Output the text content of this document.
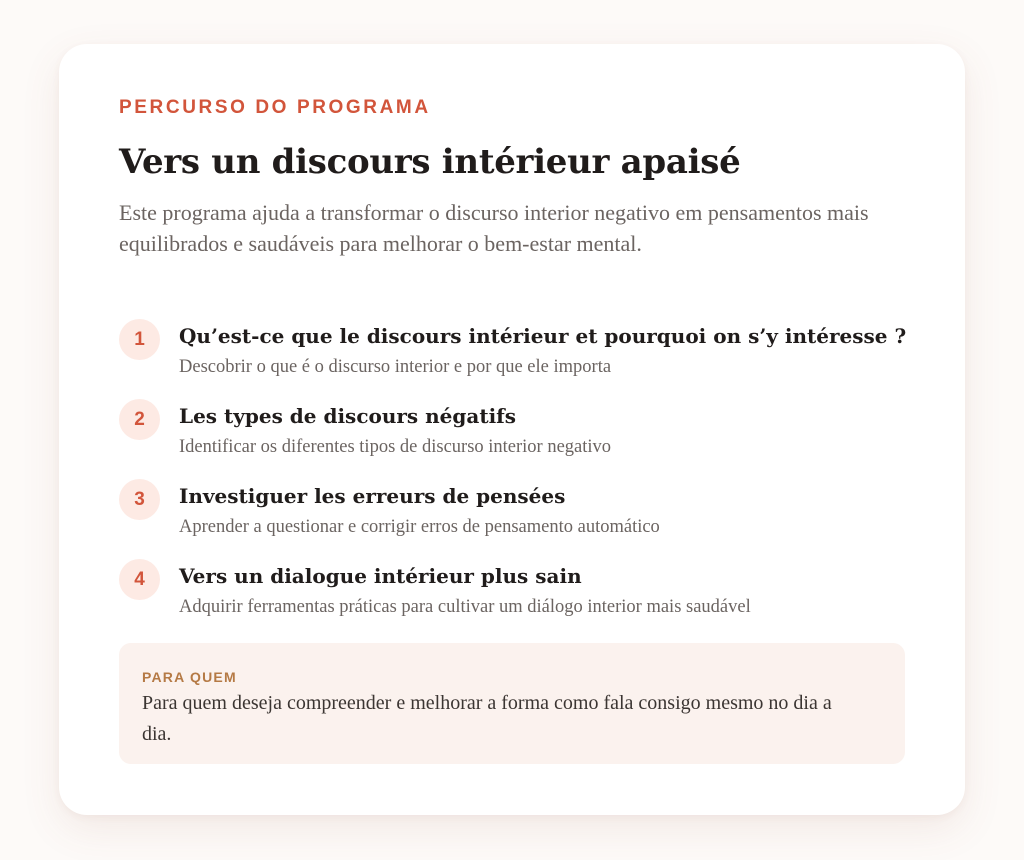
PERCURSO DO PROGRAMA

Vers un discours intérieur apaisé

Este programa ajuda a transformar o discurso interior negativo em pensamentos mais equilibrados e saudáveis para melhorar o bem-estar mental.

1	Qu’est-ce que le discours intérieur et pourquoi on s’y intéresse ?
Descobrir o que é o discurso interior e por que ele importa
2	Les types de discours négatifs
Identificar os diferentes tipos de discurso interior negativo
3	Investiguer les erreurs de pensées
Aprender a questionar e corrigir erros de pensamento automático
4	Vers un dialogue intérieur plus sain
Adquirir ferramentas práticas para cultivar um diálogo interior mais saudável
PARA QUEM

Para quem deseja compreender e melhorar a forma como fala consigo mesmo no dia a dia.
